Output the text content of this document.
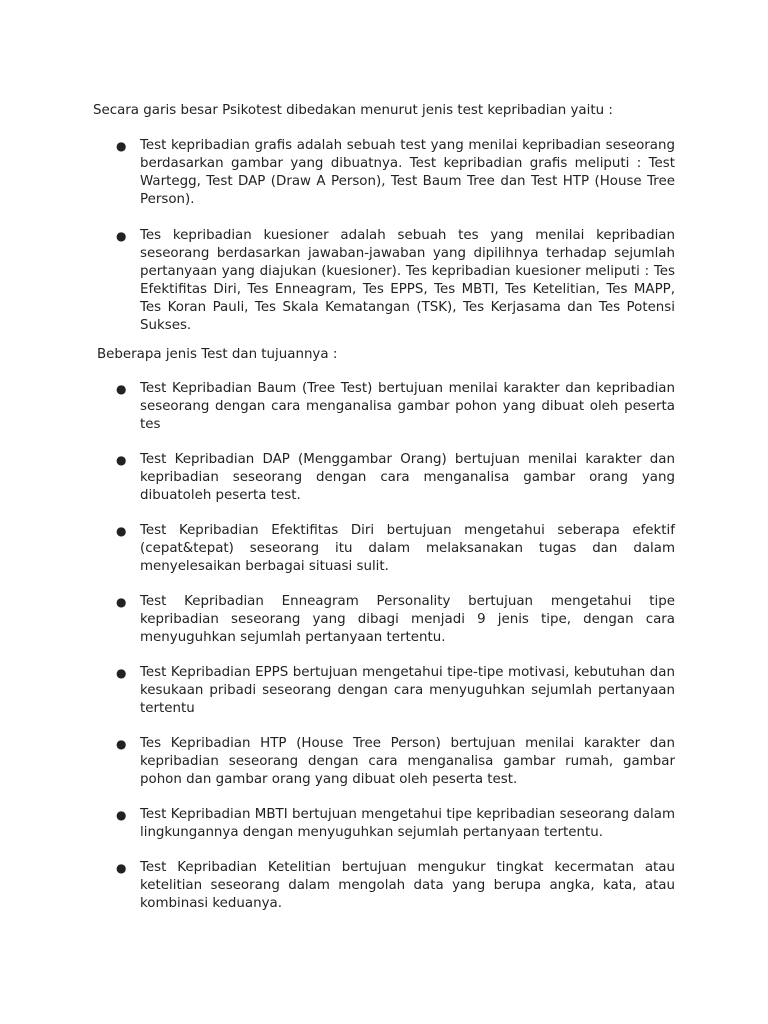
Secara garis besar Psikotest dibedakan menurut jenis test kepribadian yaitu :

● Test kepribadian grafis adalah sebuah test yang menilai kepribadian seseorang berdasarkan gambar yang dibuatnya. Test kepribadian grafis meliputi : Test Wartegg, Test DAP (Draw A Person), Test Baum Tree dan Test HTP (House Tree Person).

● Tes kepribadian kuesioner adalah sebuah tes yang menilai kepribadian seseorang berdasarkan jawaban-jawaban yang dipilihnya terhadap sejumlah pertanyaan yang diajukan (kuesioner). Tes kepribadian kuesioner meliputi : Tes Efektifitas Diri, Tes Enneagram, Tes EPPS, Tes MBTI, Tes Ketelitian, Tes MAPP, Tes Koran Pauli, Tes Skala Kematangan (TSK), Tes Kerjasama dan Tes Potensi Sukses.

Beberapa jenis Test dan tujuannya :

● Test Kepribadian Baum (Tree Test) bertujuan menilai karakter dan kepribadian seseorang dengan cara menganalisa gambar pohon yang dibuat oleh peserta tes

● Test Kepribadian DAP (Menggambar Orang) bertujuan menilai karakter dan kepribadian seseorang dengan cara menganalisa gambar orang yang dibuatoleh peserta test.

● Test Kepribadian Efektifitas Diri bertujuan mengetahui seberapa efektif (cepat&tepat) seseorang itu dalam melaksanakan tugas dan dalam menyelesaikan berbagai situasi sulit.

● Test Kepribadian Enneagram Personality bertujuan mengetahui tipe kepribadian seseorang yang dibagi menjadi 9 jenis tipe, dengan cara menyuguhkan sejumlah pertanyaan tertentu.

● Test Kepribadian EPPS bertujuan mengetahui tipe-tipe motivasi, kebutuhan dan kesukaan pribadi seseorang dengan cara menyuguhkan sejumlah pertanyaan tertentu

● Tes Kepribadian HTP (House Tree Person) bertujuan menilai karakter dan kepribadian seseorang dengan cara menganalisa gambar rumah, gambar pohon dan gambar orang yang dibuat oleh peserta test.

● Test Kepribadian MBTI bertujuan mengetahui tipe kepribadian seseorang dalam lingkungannya dengan menyuguhkan sejumlah pertanyaan tertentu.

● Test Kepribadian Ketelitian bertujuan mengukur tingkat kecermatan atau ketelitian seseorang dalam mengolah data yang berupa angka, kata, atau kombinasi keduanya.
